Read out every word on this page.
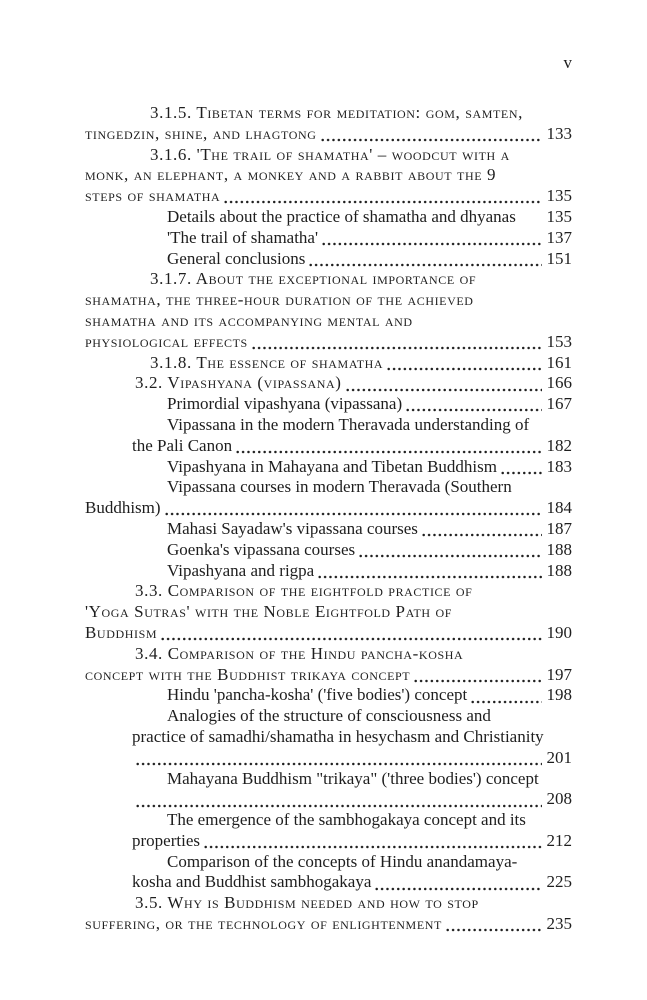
v
3.1.5. Tibetan terms for meditation: gom, samten,
tingedzin, shine, and lhagtong	133
3.1.6. 'The trail of shamatha' – woodcut with a
monk, an elephant, a monkey and a rabbit about the 9
steps of shamatha	135
Details about the practice of shamatha and dhyanas 135
'The trail of shamatha'	137
General conclusions	151
3.1.7. About the exceptional importance of
shamatha, the three-hour duration of the achieved
shamatha and its accompanying mental and
physiological effects	153
3.1.8. The essence of shamatha	161
3.2. Vipashyana (vipassana)	166
Primordial vipashyana (vipassana)	167
Vipassana in the modern Theravada understanding of
the Pali Canon	182
Vipashyana in Mahayana and Tibetan Buddhism	183
Vipassana courses in modern Theravada (Southern
Buddhism)	184
Mahasi Sayadaw's vipassana courses	187
Goenka's vipassana courses	188
Vipashyana and rigpa	188
3.3. Comparison of the eightfold practice of
'Yoga Sutras' with the Noble Eightfold Path of
Buddhism	190
3.4. Comparison of the Hindu pancha-kosha
concept with the Buddhist trikaya concept	197
Hindu 'pancha-kosha' ('five bodies') concept	198
Analogies of the structure of consciousness and
practice of samadhi/shamatha in hesychasm and Christianity
201
Mahayana Buddhism "trikaya" ('three bodies') concept
208
The emergence of the sambhogakaya concept and its
properties	212
Comparison of the concepts of Hindu anandamaya-
kosha and Buddhist sambhogakaya	225
3.5. Why is Buddhism needed and how to stop
suffering, or the technology of enlightenment	235
